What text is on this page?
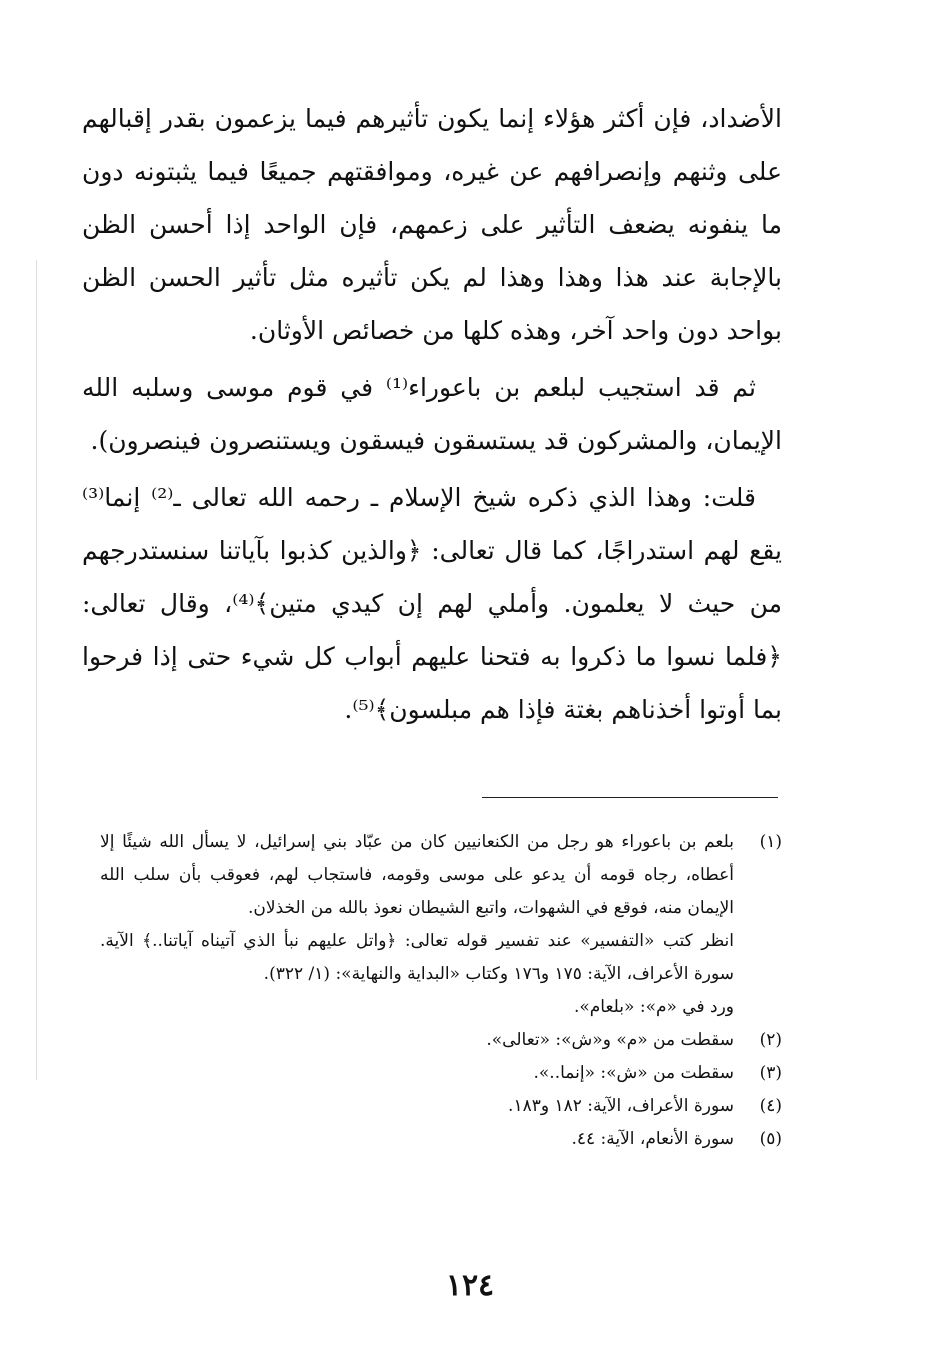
الأضداد، فإن أكثر هؤلاء إنما يكون تأثيرهم فيما يزعمون بقدر إقبالهم على وثنهم وإنصرافهم عن غيره، وموافقتهم جميعًا فيما يثبتونه دون ما ينفونه يضعف التأثير على زعمهم، فإن الواحد إذا أحسن الظن بالإجابة عند هذا وهذا وهذا لم يكن تأثيره مثل تأثير الحسن الظن بواحد دون واحد آخر، وهذه كلها من خصائص الأوثان.

ثم قد استجيب لبلعم بن باعوراء⁽¹⁾ في قوم موسى وسلبه الله الإيمان، والمشركون قد يستسقون فيسقون ويستنصرون فينصرون).

قلت: وهذا الذي ذكره شيخ الإسلام ـ رحمه الله تعالى ـ⁽²⁾ إنما⁽³⁾ يقع لهم استدراجًا، كما قال تعالى: ﴿والذين كذبوا بآياتنا سنستدرجهم من حيث لا يعلمون. وأملي لهم إن كيدي متين﴾⁽⁴⁾، وقال تعالى: ﴿فلما نسوا ما ذكروا به فتحنا عليهم أبواب كل شيء حتى إذا فرحوا بما أوتوا أخذناهم بغتة فإذا هم مبلسون﴾⁽⁵⁾.

(١)
بلعم بن باعوراء هو رجل من الكنعانيين كان من عبّاد بني إسرائيل، لا يسأل الله شيئًا إلا أعطاه، رجاه قومه أن يدعو على موسى وقومه، فاستجاب لهم، فعوقب بأن سلب الله الإيمان منه، فوقع في الشهوات، واتبع الشيطان نعوذ بالله من الخذلان.
انظر كتب «التفسير» عند تفسير قوله تعالى: ﴿واتل عليهم نبأ الذي آتيناه آياتنا..﴾ الآية. سورة الأعراف، الآية: ١٧٥ و١٧٦ وكتاب «البداية والنهاية»: (١/ ٣٢٢).
ورد في «م»: «بلعام».
(٢)
سقطت من «م» و«ش»: «تعالى».
(٣)
سقطت من «ش»: «إنما..».
(٤)
سورة الأعراف، الآية: ١٨٢ و١٨٣.
(٥)
سورة الأنعام، الآية: ٤٤.
١٢٤
